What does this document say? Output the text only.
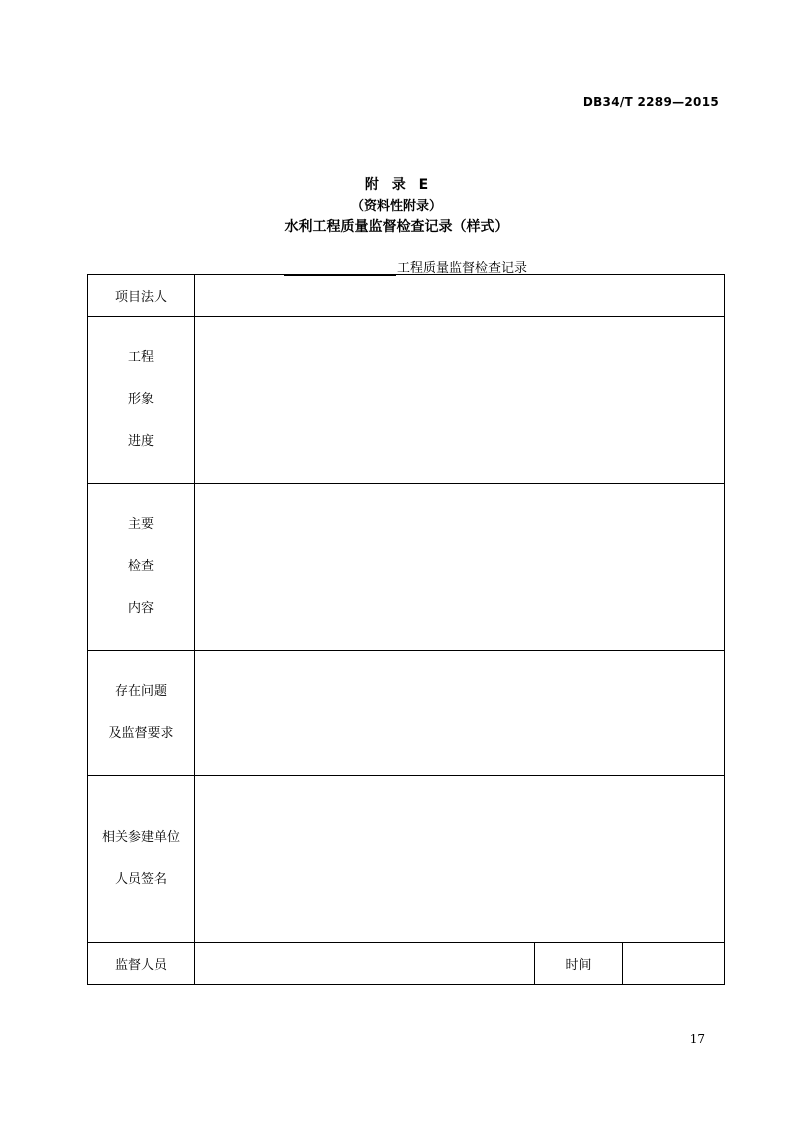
DB34/T 2289—2015
附 录 E
（资料性附录）
水利工程质量监督检查记录（样式）
工程质量监督检查记录
项目法人			

工程
形象
进度			

主要
检查
内容			

存在问题
及监督要求			

相关参建单位
人员签名			

监督人员		时间	
17
